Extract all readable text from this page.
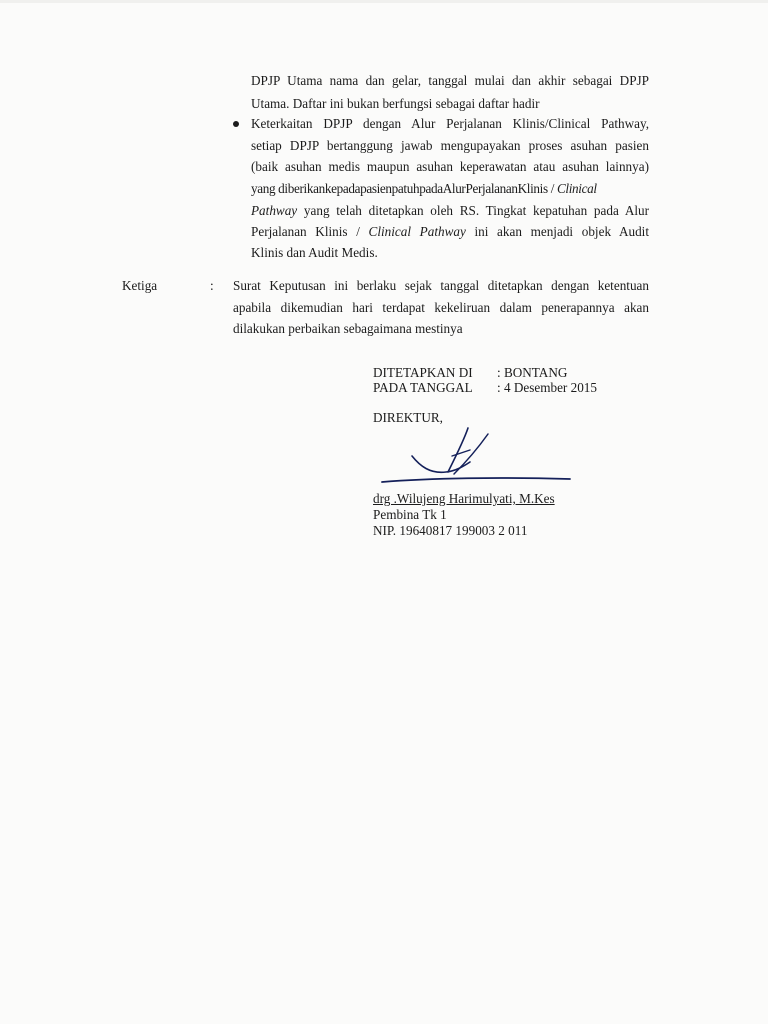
DPJP Utama nama dan gelar, tanggal mulai dan akhir sebagai DPJP
Utama. Daftar ini bukan berfungsi sebagai daftar hadir
Keterkaitan DPJP dengan Alur Perjalanan Klinis/Clinical Pathway,
setiap DPJP bertanggung jawab mengupayakan proses asuhan pasien
(baik asuhan medis maupun asuhan keperawatan atau asuhan lainnya)
yang diberikankepadapasienpatuhpadaAlurPerjalananKlinis / Clinical
Pathway yang telah ditetapkan oleh RS. Tingkat kepatuhan pada Alur
Perjalanan Klinis / Clinical Pathway ini akan menjadi objek Audit
Klinis dan Audit Medis.
Ketiga	: Surat Keputusan ini berlaku sejak tanggal ditetapkan dengan ketentuan
apabila dikemudian hari terdapat kekeliruan dalam penerapannya akan
dilakukan perbaikan sebagaimana mestinya
DITETAPKAN DI : BONTANG
PADA TANGGAL : 4 Desember 2015
DIREKTUR,
drg .Wilujeng Harimulyati, M.Kes
Pembina Tk 1
NIP. 19640817 199003 2 011
